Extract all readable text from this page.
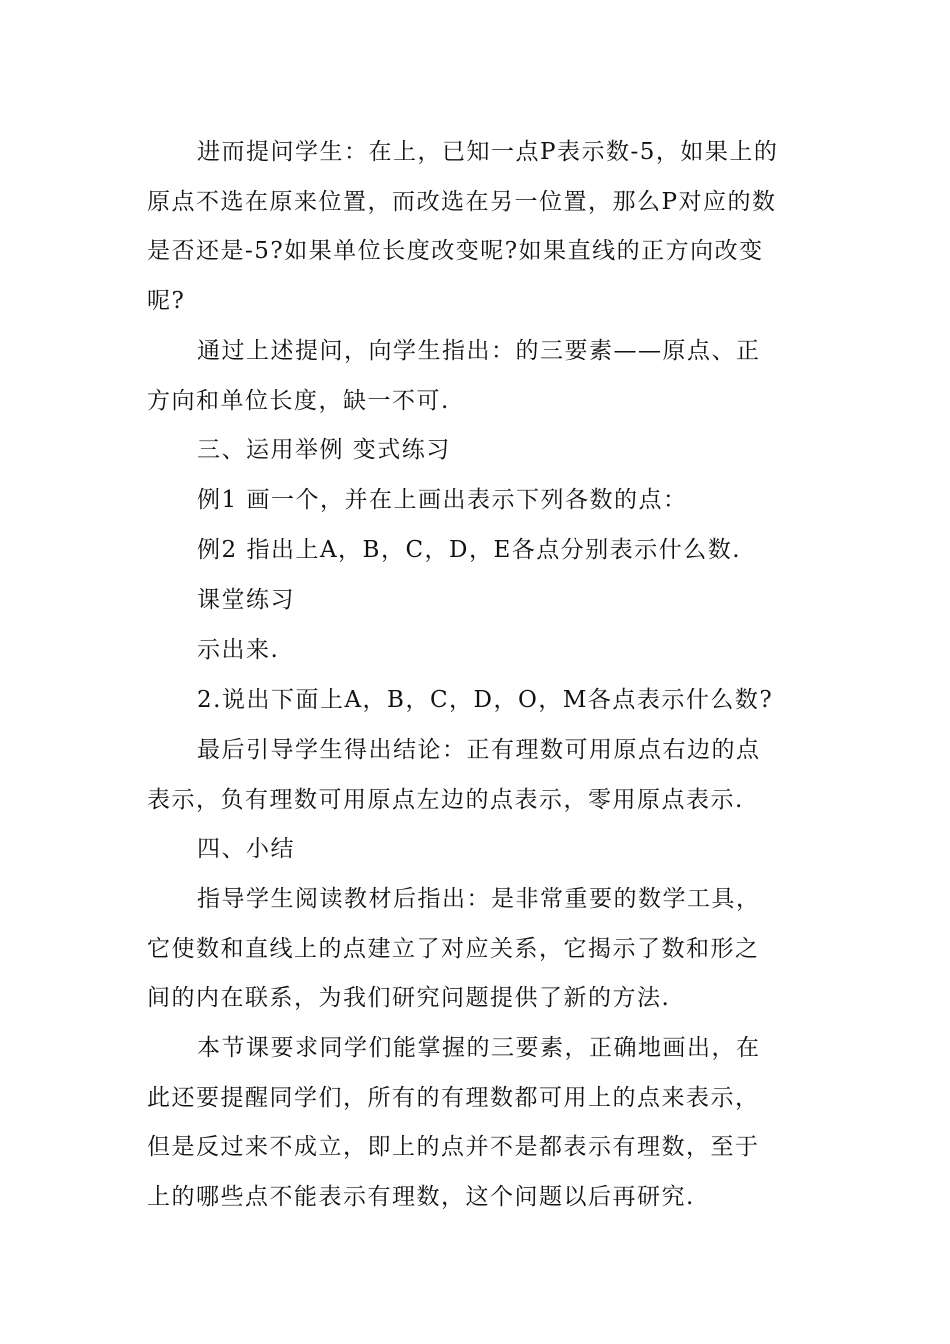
进而提问学生：在上，已知一点P表示数-5，如果上的
原点不选在原来位置，而改选在另一位置，那么P对应的数
是否还是-5?如果单位长度改变呢?如果直线的正方向改变
呢?

通过上述提问，向学生指出：的三要素——原点、正
方向和单位长度，缺一不可.

三、运用举例 变式练习

例1 画一个，并在上画出表示下列各数的点：

例2 指出上A，B，C，D，E各点分别表示什么数.

课堂练习

示出来.

2.说出下面上A，B，C，D，O，M各点表示什么数?

最后引导学生得出结论：正有理数可用原点右边的点
表示，负有理数可用原点左边的点表示，零用原点表示.

四、小结

指导学生阅读教材后指出：是非常重要的数学工具，
它使数和直线上的点建立了对应关系，它揭示了数和形之
间的内在联系，为我们研究问题提供了新的方法.

本节课要求同学们能掌握的三要素，正确地画出，在
此还要提醒同学们，所有的有理数都可用上的点来表示，
但是反过来不成立，即上的点并不是都表示有理数，至于
上的哪些点不能表示有理数，这个问题以后再研究.
